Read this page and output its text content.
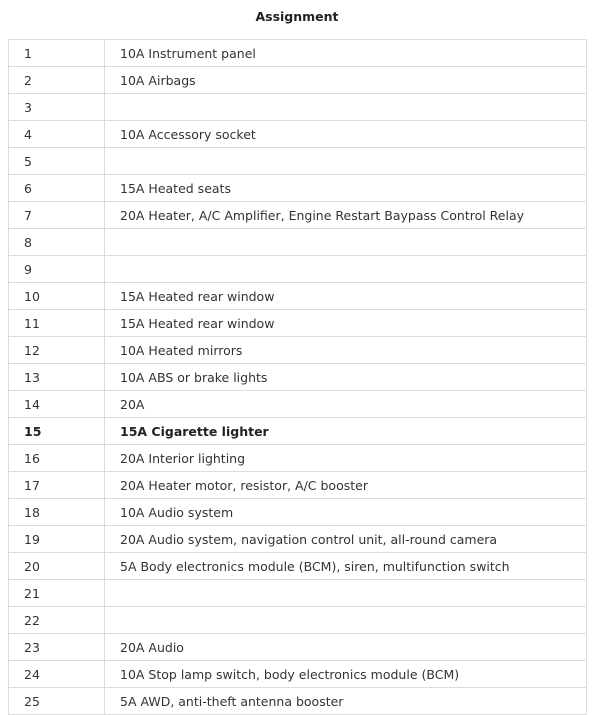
Assignment
1	10A Instrument panel
2	10A Airbags
3	
4	10A Accessory socket
5	
6	15A Heated seats
7	20A Heater, A/C Amplifier, Engine Restart Baypass Control Relay
8	
9	
10	15A Heated rear window
11	15A Heated rear window
12	10A Heated mirrors
13	10A ABS or brake lights
14	20A
15	15A Cigarette lighter
16	20A Interior lighting
17	20A Heater motor, resistor, A/C booster
18	10A Audio system
19	20A Audio system, navigation control unit, all-round camera
20	5A Body electronics module (BCM), siren, multifunction switch
21	
22	
23	20A Audio
24	10A Stop lamp switch, body electronics module (BCM)
25	5A AWD, anti-theft antenna booster
